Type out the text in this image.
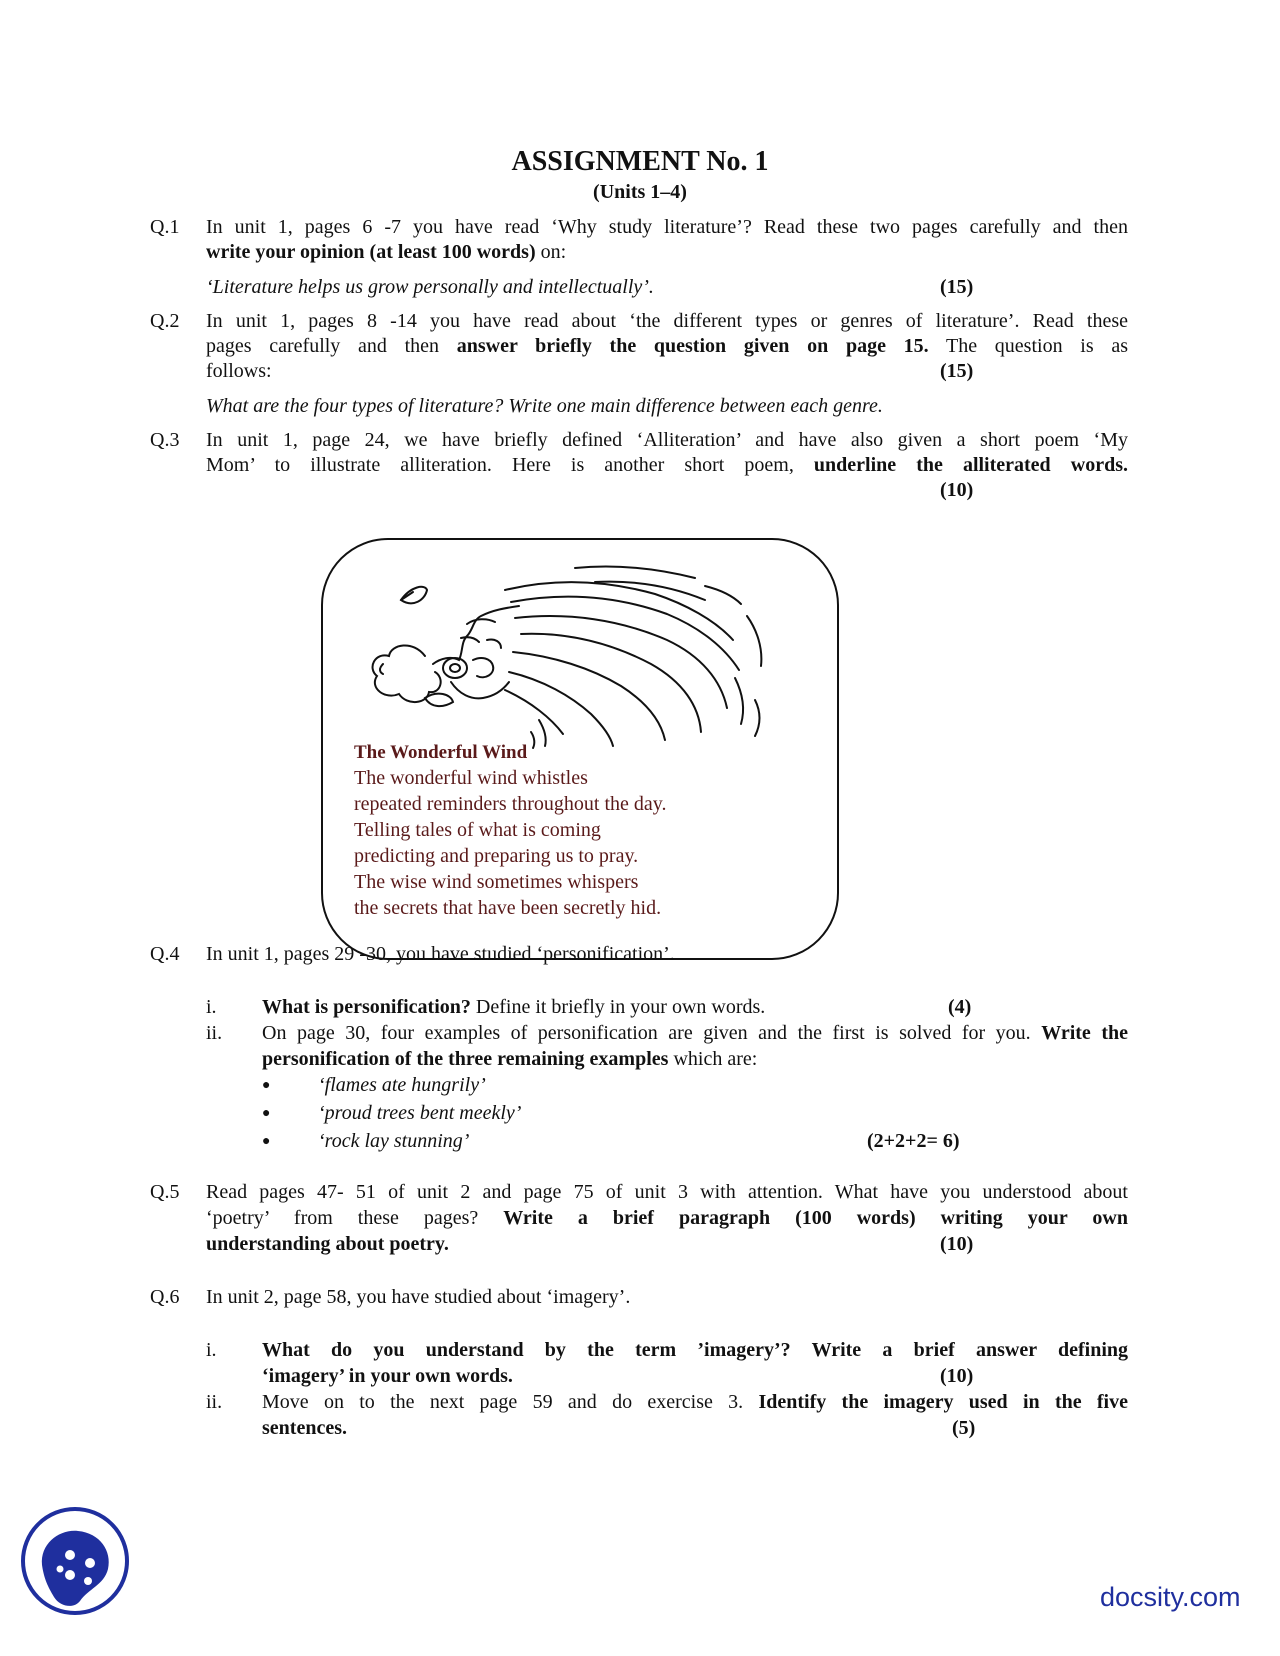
ASSIGNMENT No. 1
(Units 1–4)
Q.1 In unit 1, pages 6 -7 you have read ‘Why study literature’? Read these two pages carefully and then
write your opinion (at least 100 words) on:
‘Literature helps us grow personally and intellectually’.	(15)
Q.2 In unit 1, pages 8 -14 you have read about ‘the different types or genres of literature’. Read these
pages carefully and then answer briefly the question given on page 15. The question is as
follows:	(15)
What are the four types of literature? Write one main difference between each genre.
Q.3 In unit 1, page 24, we have briefly defined ‘Alliteration’ and have also given a short poem ‘My
Mom’ to illustrate alliteration. Here is another short poem, underline the alliterated words.
(10)
The Wonderful Wind
The wonderful wind whistles
repeated reminders throughout the day.
Telling tales of what is coming
predicting and preparing us to pray.
The wise wind sometimes whispers
the secrets that have been secretly hid.
Q.4 In unit 1, pages 29 -30, you have studied ‘personification’.
i. What is personification? Define it briefly in your own words.	(4)
ii. On page 30, four examples of personification are given and the first is solved for you. Write the
personification of the three remaining examples which are:
● ‘flames ate hungrily’
● ‘proud trees bent meekly’
● ‘rock lay stunning’	(2+2+2= 6)
Q.5 Read pages 47- 51 of unit 2 and page 75 of unit 3 with attention. What have you understood about
‘poetry’ from these pages? Write a brief paragraph (100 words) writing your own
understanding about poetry.	(10)
Q.6 In unit 2, page 58, you have studied about ‘imagery’.
i. What do you understand by the term ’imagery’? Write a brief answer defining
‘imagery’ in your own words.	(10)
ii. Move on to the next page 59 and do exercise 3. Identify the imagery used in the five
sentences.	(5)
docsity.com
